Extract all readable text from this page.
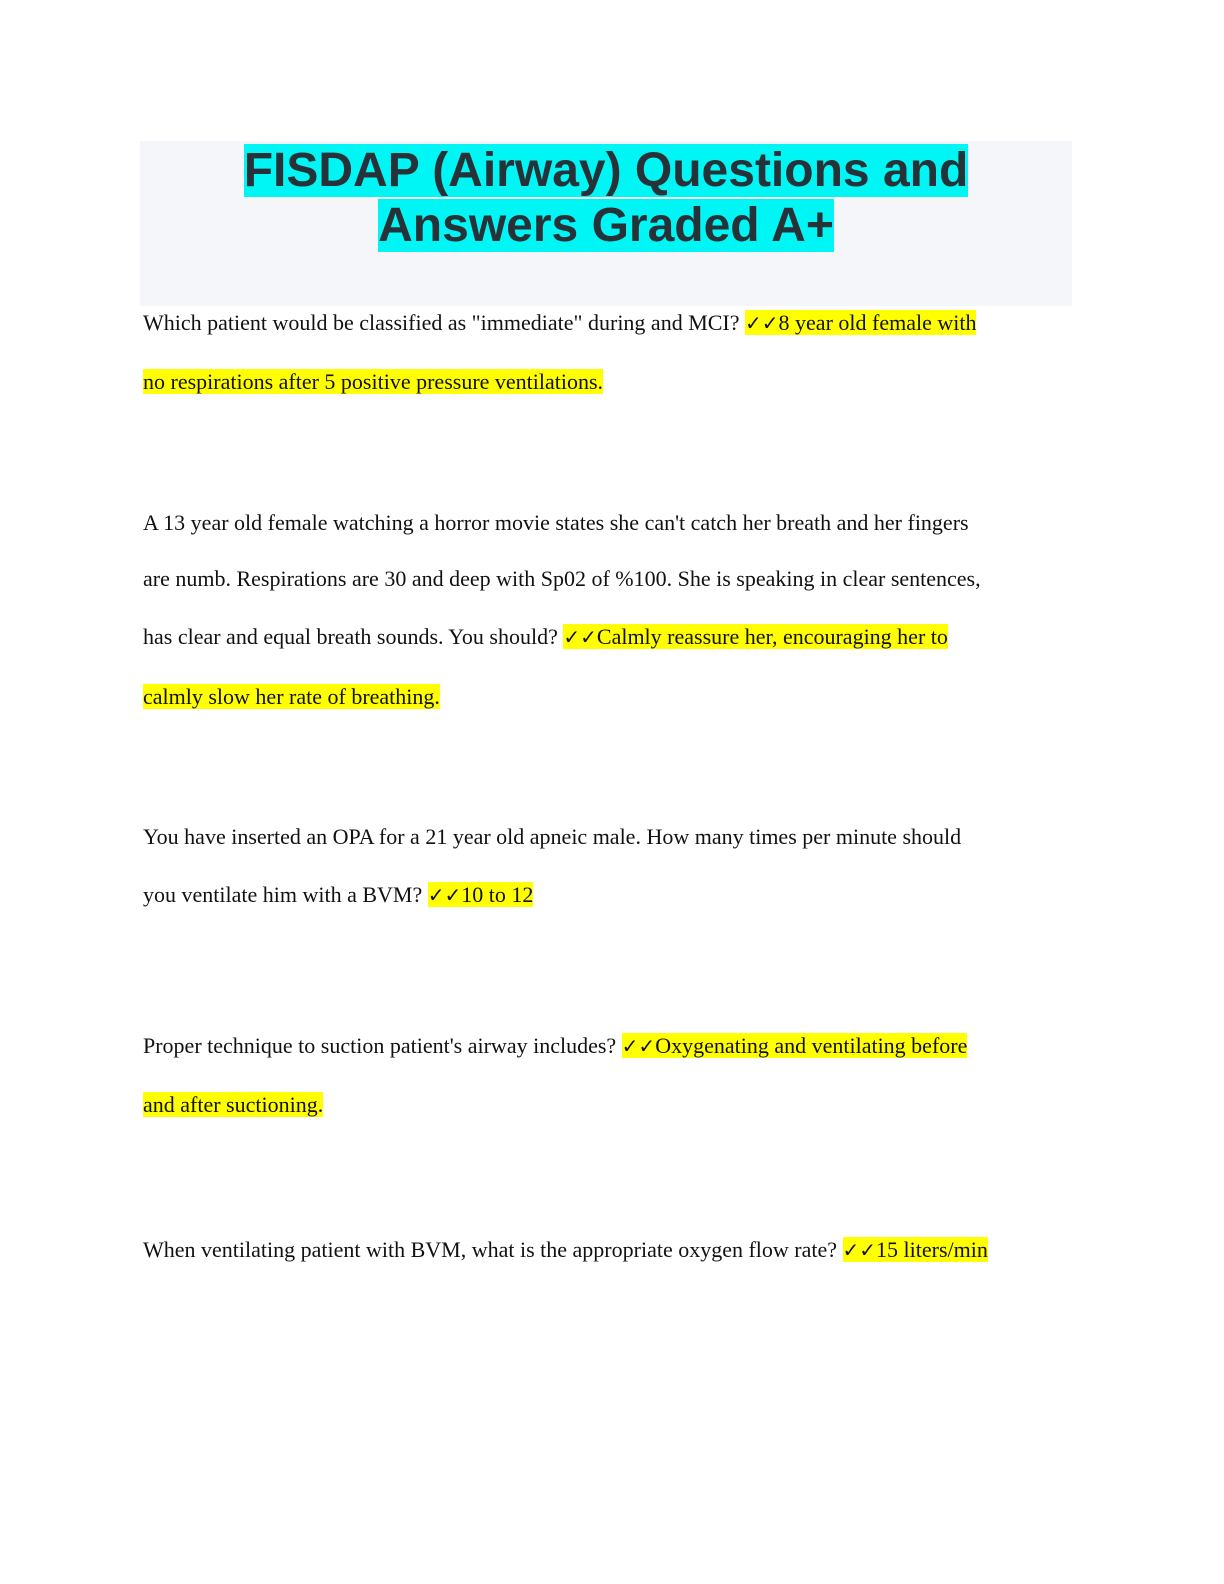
FISDAP (Airway) Questions and
Answers Graded A+
Which patient would be classified as "immediate" during and MCI? ✓✓8 year old female with
no respirations after 5 positive pressure ventilations.
A 13 year old female watching a horror movie states she can't catch her breath and her fingers
are numb. Respirations are 30 and deep with Sp02 of %100. She is speaking in clear sentences,
has clear and equal breath sounds. You should? ✓✓Calmly reassure her, encouraging her to
calmly slow her rate of breathing.
You have inserted an OPA for a 21 year old apneic male. How many times per minute should
you ventilate him with a BVM? ✓✓10 to 12
Proper technique to suction patient's airway includes? ✓✓Oxygenating and ventilating before
and after suctioning.
When ventilating patient with BVM, what is the appropriate oxygen flow rate? ✓✓15 liters/min
